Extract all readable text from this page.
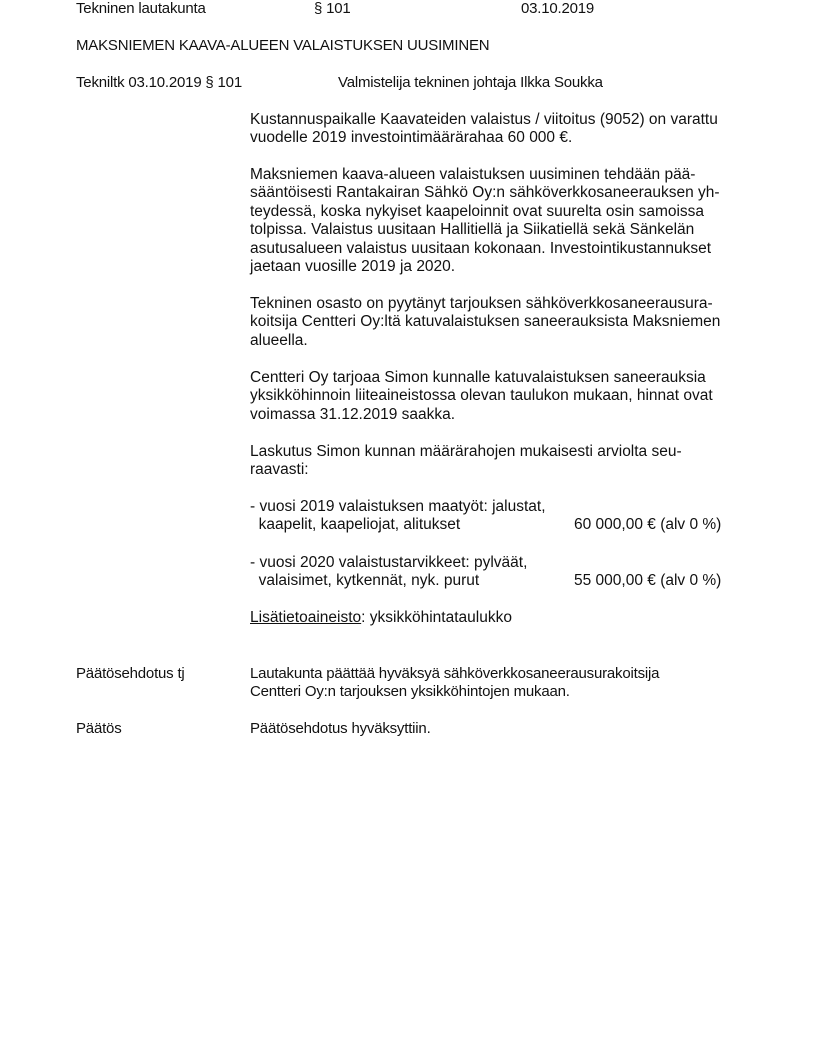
Tekninen lautakunta	§ 101	03.10.2019
MAKSNIEMEN KAAVA-ALUEEN VALAISTUKSEN UUSIMINEN
Tekniltk 03.10.2019 § 101	Valmistelija tekninen johtaja Ilkka Soukka
Kustannuspaikalle Kaavateiden valaistus / viitoitus (9052) on varattu
vuodelle 2019 investointimäärärahaa 60 000 €.
Maksniemen kaava-alueen valaistuksen uusiminen tehdään pää-
sääntöisesti Rantakairan Sähkö Oy:n sähköverkkosaneerauksen yh-
teydessä, koska nykyiset kaapeloinnit ovat suurelta osin samoissa
tolpissa. Valaistus uusitaan Hallitiellä ja Siikatiellä sekä Sänkelän
asutusalueen valaistus uusitaan kokonaan. Investointikustannukset
jaetaan vuosille 2019 ja 2020.
Tekninen osasto on pyytänyt tarjouksen sähköverkkosaneerausura-
koitsija Centteri Oy:ltä katuvalaistuksen saneerauksista Maksniemen
alueella.
Centteri Oy tarjoaa Simon kunnalle katuvalaistuksen saneerauksia
yksikköhinnoin liiteaineistossa olevan taulukon mukaan, hinnat ovat
voimassa 31.12.2019 saakka.
Laskutus Simon kunnan määrärahojen mukaisesti arviolta seu-
raavasti:
- vuosi 2019 valaistuksen maatyöt: jalustat,
kaapelit, kaapeliojat, alitukset	60 000,00 € (alv 0 %)
- vuosi 2020 valaistustarvikkeet: pylväät,
valaisimet, kytkennät, nyk. purut	55 000,00 € (alv 0 %)
Lisätietoaineisto: yksikköhintataulukko
Päätösehdotus tj	Lautakunta päättää hyväksyä sähköverkkosaneerausurakoitsija
Centteri Oy:n tarjouksen yksikköhintojen mukaan.
Päätös	Päätösehdotus hyväksyttiin.
